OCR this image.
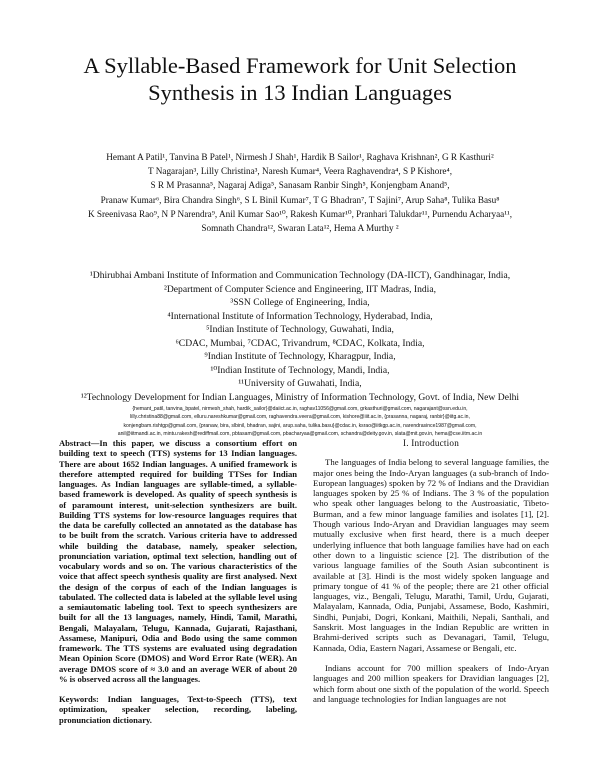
A Syllable-Based Framework for Unit Selection
Synthesis in 13 Indian Languages
Hemant A Patil¹, Tanvina B Patel¹, Nirmesh J Shah¹, Hardik B Sailor¹, Raghava Krishnan², G R Kasthuri²
T Nagarajan³, Lilly Christina³, Naresh Kumar⁴, Veera Raghavendra⁴, S P Kishore⁴,
S R M Prasanna⁵, Nagaraj Adiga⁵, Sanasam Ranbir Singh⁵, Konjengbam Anand⁵,
Pranaw Kumar⁶, Bira Chandra Singh⁶, S L Binil Kumar⁷, T G Bhadran⁷, T Sajini⁷, Arup Saha⁸, Tulika Basu⁸
K Sreenivasa Rao⁹, N P Narendra⁹, Anil Kumar Sao¹⁰, Rakesh Kumar¹⁰, Pranhari Talukdar¹¹, Purnendu Acharyaa¹¹,
Somnath Chandra¹², Swaran Lata¹², Hema A Murthy ²
¹Dhirubhai Ambani Institute of Information and Communication Technology (DA-IICT), Gandhinagar, India,
²Department of Computer Science and Engineering, IIT Madras, India,
³SSN College of Engineering, India,
⁴International Institute of Information Technology, Hyderabad, India,
⁵Indian Institute of Technology, Guwahati, India,
⁶CDAC, Mumbai, ⁷CDAC, Trivandrum, ⁸CDAC, Kolkata, India,
⁹Indian Institute of Technology, Kharagpur, India,
¹⁰Indian Institute of Technology, Mandi, India,
¹¹University of Guwahati, India,
¹²Technology Development for Indian Languages, Ministry of Information Technology, Govt. of India, New Delhi
{hemant_patil, tanvina_bpatel, nirmesh_shah, hardik_sailor}@daiict.ac.in, raghav11056@gmail.com, grkasthuri@gmail.com, nagarajant@ssn.edu.in,
lilly.christina88@gmail.com, elluru.nareshkumar@gmail.com, raghavendra.veera@gmail.com, kishore@iiit.ac.in, {prasanna, nagaraj, ranbir}@iitg.ac.in,
konjengbam.rishtgp@gmail.com, {pranaw, bira, slbinil, bhadran, sajini, arup.saha, tulika.basu}@cdac.in, ksrao@iitkgp.ac.in, narendrasince1987@gmail.com,
anil@iitmandi.ac.in, mintu.rakesh@rediffmail.com, pbtasam@gmail.com, pbacharyaa@gmail.com, schandra@deity.gov.in, slata@mit.gov.in, hema@cse.iitm.ac.in

Abstract—In this paper, we discuss a consortium effort on building text to speech (TTS) systems for 13 Indian languages. There are about 1652 Indian languages. A unified framework is therefore attempted required for building TTSes for Indian languages. As Indian languages are syllable-timed, a syllable- based framework is developed. As quality of speech synthesis is of paramount interest, unit-selection synthesizers are built. Building TTS systems for low-resource languages requires that the data be carefully collected an annotated as the database has to be built from the scratch. Various criteria have to addressed while building the database, namely, speaker selection, pronunciation variation, optimal text selection, handling out of vocabulary words and so on. The various characteristics of the voice that affect speech synthesis quality are first analysed. Next the design of the corpus of each of the Indian languages is tabulated. The collected data is labeled at the syllable level using a semiautomatic labeling tool. Text to speech synthesizers are built for all the 13 languages, namely, Hindi, Tamil, Marathi, Bengali, Malayalam, Telugu, Kannada, Gujarati, Rajasthani, Assamese, Manipuri, Odia and Bodo using the same common framework. The TTS systems are evaluated using degradation Mean Opinion Score (DMOS) and Word Error Rate (WER). An average DMOS score of ≈ 3.0 and an average WER of about 20 % is observed across all the languages.

Keywords: Indian languages, Text-to-Speech (TTS), text optimization, speaker selection, recording, labeling, pronunciation dictionary.

I. Introduction

The languages of India belong to several language families, the major ones being the Indo-Aryan languages (a sub-branch of Indo-European languages) spoken by 72 % of Indians and the Dravidian languages spoken by 25 % of Indians. The 3 % of the population who speak other languages belong to the Austroasiatic, Tibeto-Burman, and a few minor language families and isolates [1], [2]. Though various Indo-Aryan and Dravidian languages may seem mutually exclusive when first heard, there is a much deeper underlying influence that both language families have had on each other down to a linguistic science [2]. The distribution of the various language families of the South Asian subcontinent is available at [3]. Hindi is the most widely spoken language and primary tongue of 41 % of the people; there are 21 other official languages, viz., Bengali, Telugu, Marathi, Tamil, Urdu, Gujarati, Malayalam, Kannada, Odia, Punjabi, Assamese, Bodo, Kashmiri, Sindhi, Punjabi, Dogri, Konkani, Maithili, Nepali, Santhali, and Sanskrit. Most languages in the Indian Republic are written in Brahmi-derived scripts such as Devanagari, Tamil, Telugu, Kannada, Odia, Eastern Nagari, Assamese or Bengali, etc.

Indians account for 700 million speakers of Indo-Aryan languages and 200 million speakers for Dravidian languages [2], which form about one sixth of the population of the world. Speech and language technologies for Indian languages are not
